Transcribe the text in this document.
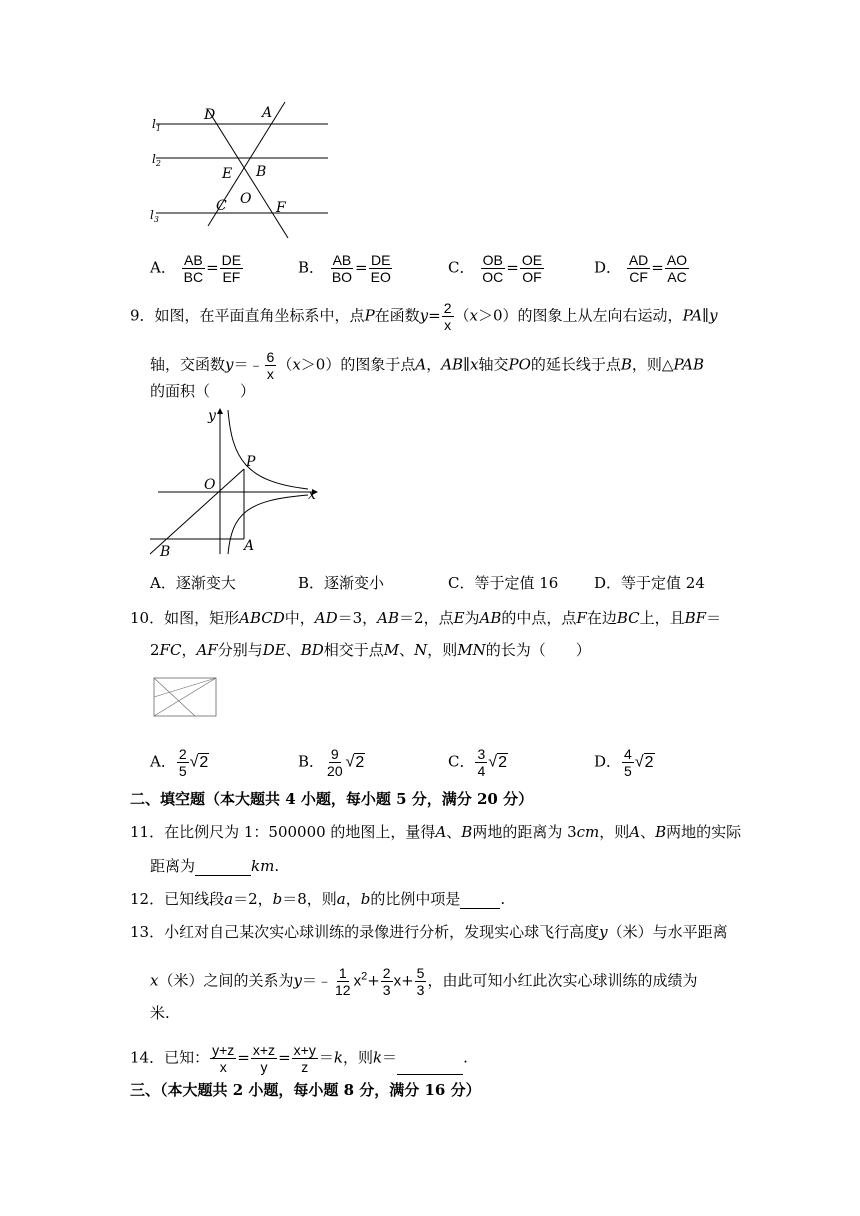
D	A
E B
O
C	F
$l_1$
$l_2$
$l_3$
A． $\frac{AB}{BC} = \frac{DE}{EF}$	B． $\frac{AB}{BO} = \frac{DE}{EO}$	C． $\frac{OB}{OC} = \frac{OE}{OF}$	D． $\frac{AD}{CF} = \frac{AO}{AC}$
9．如图，在平面直角坐标系中，点P在函数$y= \frac{2}{x} (x>0)$的图象上从左向右运动，PA∥y
轴，交函数y＝﹣ $\frac{6}{x} (x>0)$的图象于点A，AB∥x轴交PO的延长线于点B，则△PAB
的面积（　　）
y
x
O
P
B	A
A．逐渐变大	B．逐渐变小	C．等于定值 16 D．等于定值 24
10．如图，矩形ABCD中，AD＝3，AB＝2，点E为AB的中点，点F在边BC上，且BF＝
2FC，AF分别与DE、BD相交于点M、N，则MN的长为（　　）
A． $\frac{2}{5} √2$	B． $\frac{9}{20} √2$	C． $\frac{3}{4} √2$	D． $\frac{4}{5} √2$
二、填空题（本大题共 4 小题，每小题 5 分，满分 20 分）
11．在比例尺为 1：500000 的地图上，量得A、B两地的距离为 3cm，则A、B两地的实际
距离为	km.
12．已知线段a＝2，b＝8，则a，b的比例中项是	.
13．小红对自己某次实心球训练的录像进行分析，发现实心球飞行高度y（米）与水平距离
x（米）之间的关系为y＝﹣ $\frac{1}{12} x^2+ \frac{2}{3} x+ \frac{5}{3}$ ，由此可知小红此次实心球训练的成绩为
米.
14．已知： $\frac{y+z}{x} = \frac{x+z}{y} = \frac{x+y}{z} =k$，则k＝	.
三、（本大题共 2 小题，每小题 8 分，满分 16 分）
